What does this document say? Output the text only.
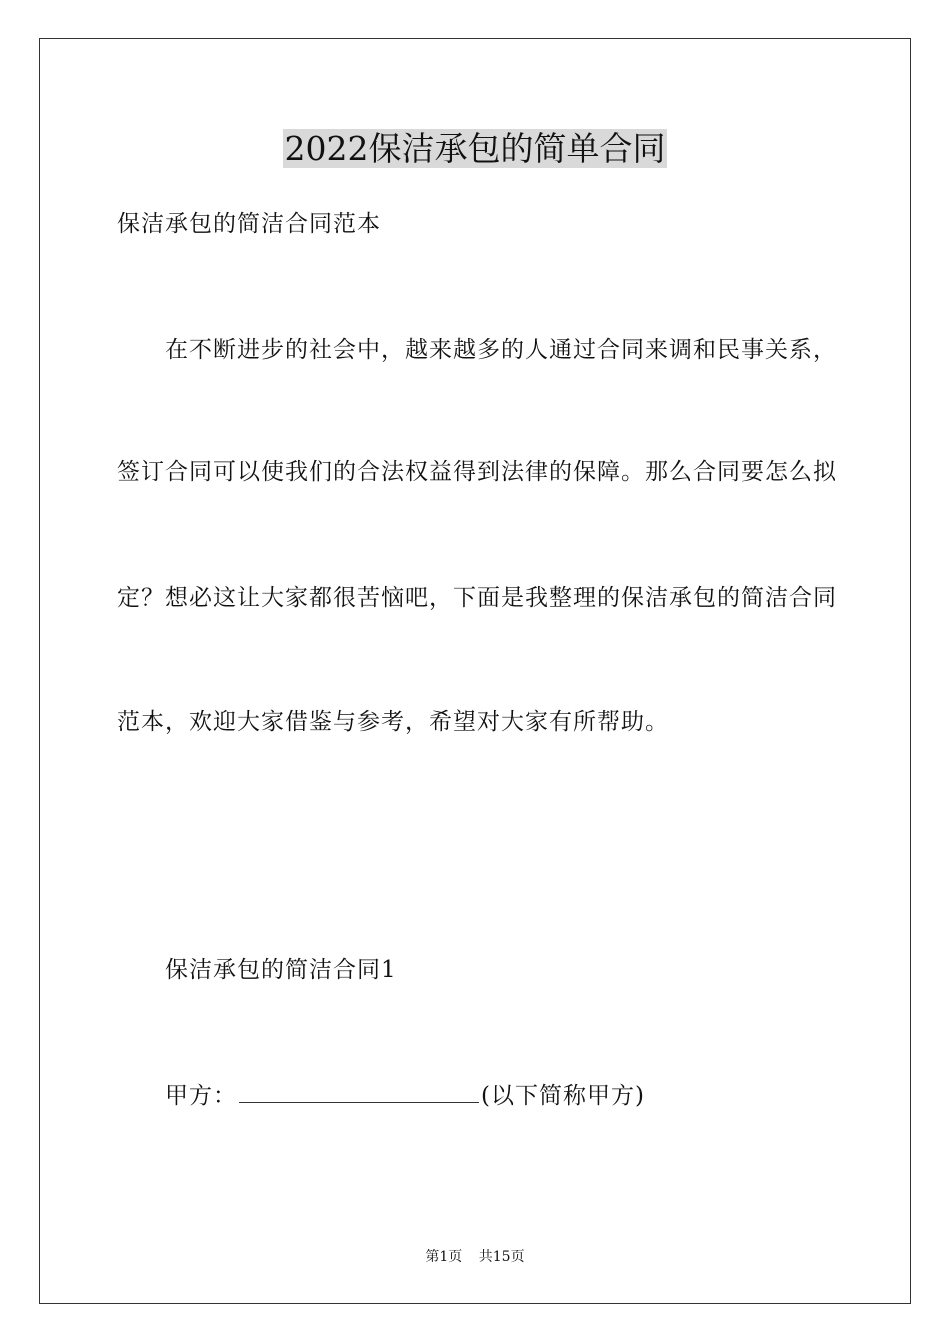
2022保洁承包的简单合同
保洁承包的简洁合同范本
在不断进步的社会中，越来越多的人通过合同来调和民事关系，
签订合同可以使我们的合法权益得到法律的保障。那么合同要怎么拟
定？想必这让大家都很苦恼吧，下面是我整理的保洁承包的简洁合同
范本，欢迎大家借鉴与参考，希望对大家有所帮助。
保洁承包的简洁合同1
甲方：	(以下简称甲方)
第1页 共15页
